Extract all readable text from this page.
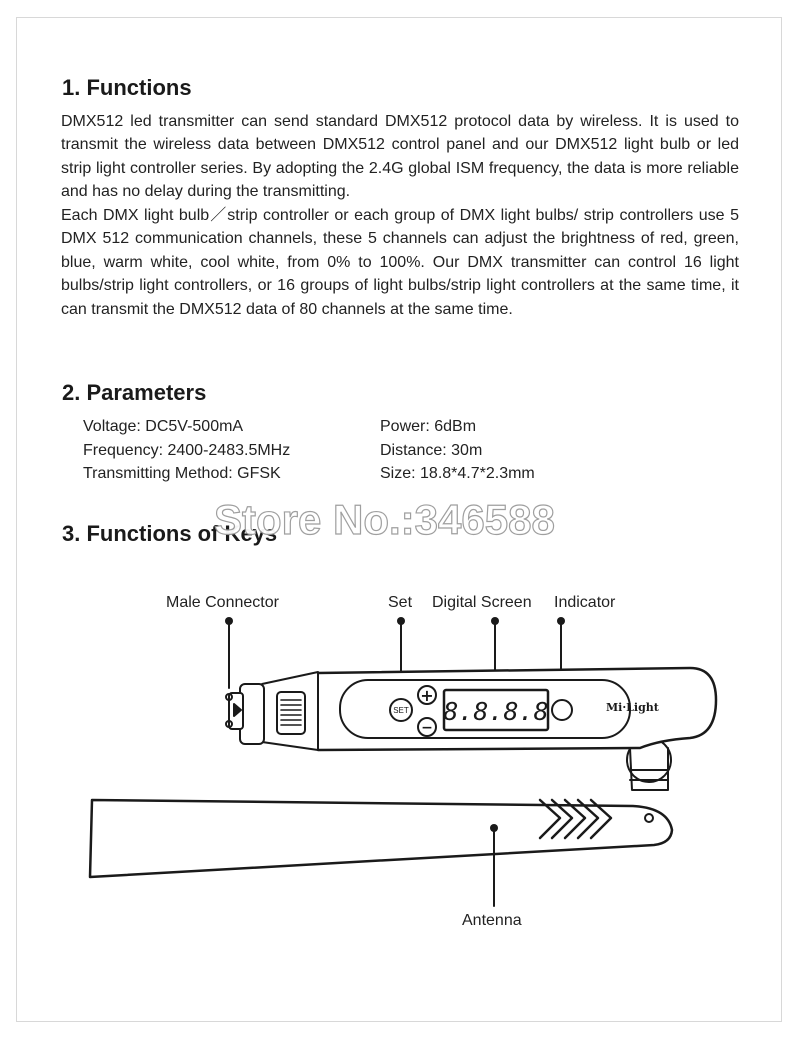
1. Functions

DMX512 led transmitter can send standard DMX512 protocol data by wireless. It is used to transmit the wireless data between DMX512 control panel and our DMX512 light bulb or led strip light controller series. By adopting the 2.4G global ISM frequency, the data is more reliable and has no delay during the transmitting.

Each DMX light bulb／strip controller or each group of DMX light bulbs/ strip controllers use 5 DMX 512 communication channels, these 5 channels can adjust the brightness of red, green, blue, warm white, cool white, from 0% to 100%. Our DMX transmitter can control 16 light bulbs/strip light controllers, or 16 groups of light bulbs/strip light controllers at the same time, it can transmit the DMX512 data of 80 channels at the same time.

2. Parameters
Voltage: DC5V-500mA	Power: 6dBm
Frequency: 2400-2483.5MHz	Distance: 30m
Transmitting Method: GFSK	Size: 18.8*4.7*2.3mm
3. Functions of Keys
Store No.:346588
Male Connector	Set Digital Screen Indicator
Antenna
SET
+
−
8.8.8.8	Mi·Light
